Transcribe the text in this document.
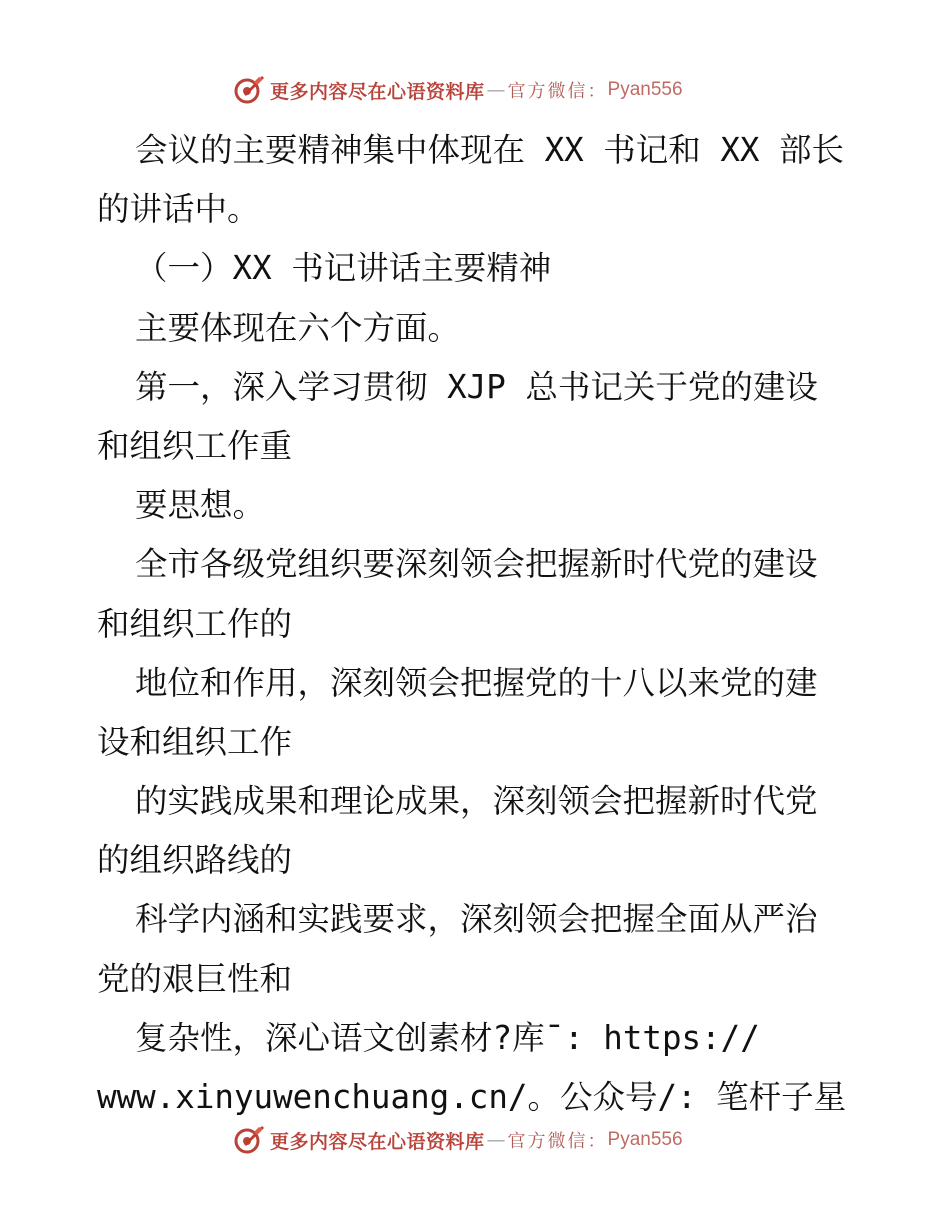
更多内容尽在心语资料库 — 官方微信： Pyan556
会议的主要精神集中体现在 XX 书记和 XX 部长
的讲话中。
（一）XX 书记讲话主要精神
主要体现在六个方面。
第一，深入学习贯彻 XJP 总书记关于党的建设
和组织工作重
要思想。
全市各级党组织要深刻领会把握新时代党的建设
和组织工作的
地位和作用，深刻领会把握党的十八以来党的建
设和组织工作
的实践成果和理论成果，深刻领会把握新时代党
的组织路线的
科学内涵和实践要求，深刻领会把握全面从严治
党的艰巨性和
复杂性，深心语文创素材?库¯: https://
www.xinyuwenchuang.cn/。公众号/: 笔杆子星
更多内容尽在心语资料库 — 官方微信： Pyan556
